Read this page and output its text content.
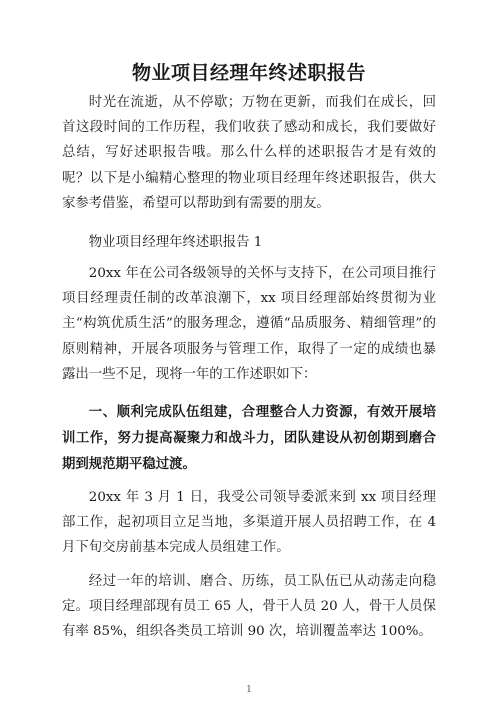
物业项目经理年终述职报告

时光在流逝，从不停歇；万物在更新，而我们在成长，回首这段时间的工作历程，我们收获了感动和成长，我们要做好总结，写好述职报告哦。那么什么样的述职报告才是有效的呢？以下是小编精心整理的物业项目经理年终述职报告，供大家参考借鉴，希望可以帮助到有需要的朋友。

物业项目经理年终述职报告 1

20xx 年在公司各级领导的关怀与支持下，在公司项目推行项目经理责任制的改革浪潮下，xx 项目经理部始终贯彻为业主“构筑优质生活”的服务理念，遵循“品质服务、精细管理”的原则精神，开展各项服务与管理工作，取得了一定的成绩也暴露出一些不足，现将一年的工作述职如下：

一、顺利完成队伍组建，合理整合人力资源，有效开展培训工作，努力提高凝聚力和战斗力，团队建设从初创期到磨合期到规范期平稳过渡。

20xx 年 3 月 1 日，我受公司领导委派来到 xx 项目经理部工作，起初项目立足当地，多渠道开展人员招聘工作，在 4 月下旬交房前基本完成人员组建工作。

经过一年的培训、磨合、历练，员工队伍已从动荡走向稳定。项目经理部现有员工 65 人，骨干人员 20 人，骨干人员保有率 85%，组织各类员工培训 90 次，培训覆盖率达 100%。

1
